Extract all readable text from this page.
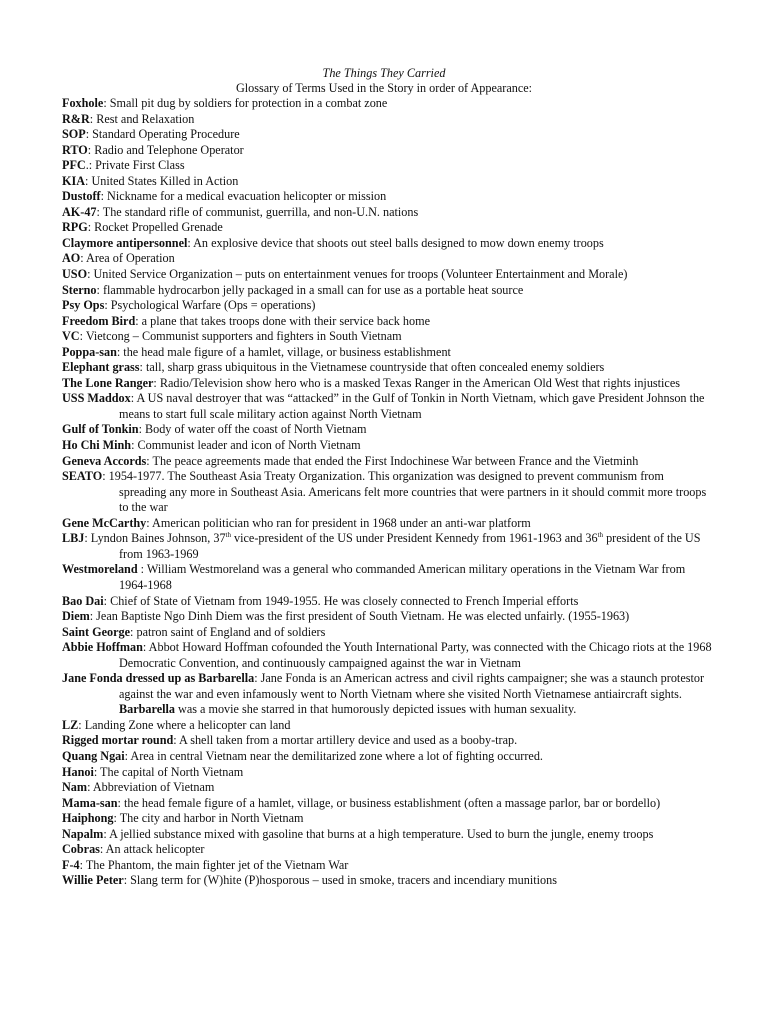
The Things They Carried
Glossary of Terms Used in the Story in order of Appearance:
Foxhole: Small pit dug by soldiers for protection in a combat zone
R&R: Rest and Relaxation
SOP: Standard Operating Procedure
RTO: Radio and Telephone Operator
PFC.: Private First Class
KIA: United States Killed in Action
Dustoff: Nickname for a medical evacuation helicopter or mission
AK-47: The standard rifle of communist, guerrilla, and non-U.N. nations
RPG: Rocket Propelled Grenade
Claymore antipersonnel: An explosive device that shoots out steel balls designed to mow down enemy troops
AO: Area of Operation
USO: United Service Organization – puts on entertainment venues for troops (Volunteer Entertainment and Morale)
Sterno: flammable hydrocarbon jelly packaged in a small can for use as a portable heat source
Psy Ops: Psychological Warfare (Ops = operations)
Freedom Bird: a plane that takes troops done with their service back home
VC: Vietcong – Communist supporters and fighters in South Vietnam
Poppa-san: the head male figure of a hamlet, village, or business establishment
Elephant grass: tall, sharp grass ubiquitous in the Vietnamese countryside that often concealed enemy soldiers
The Lone Ranger: Radio/Television show hero who is a masked Texas Ranger in the American Old West that rights injustices
USS Maddox: A US naval destroyer that was “attacked” in the Gulf of Tonkin in North Vietnam, which gave President Johnson the means to start full scale military action against North Vietnam
Gulf of Tonkin: Body of water off the coast of North Vietnam
Ho Chi Minh: Communist leader and icon of North Vietnam
Geneva Accords: The peace agreements made that ended the First Indochinese War between France and the Vietminh
SEATO: 1954-1977. The Southeast Asia Treaty Organization. This organization was designed to prevent communism from spreading any more in Southeast Asia. Americans felt more countries that were partners in it should commit more troops to the war
Gene McCarthy: American politician who ran for president in 1968 under an anti-war platform
LBJ: Lyndon Baines Johnson, 37th vice-president of the US under President Kennedy from 1961-1963 and 36th president of the US from 1963-1969
Westmoreland : William Westmoreland was a general who commanded American military operations in the Vietnam War from 1964-1968
Bao Dai: Chief of State of Vietnam from 1949-1955. He was closely connected to French Imperial efforts
Diem: Jean Baptiste Ngo Dinh Diem was the first president of South Vietnam. He was elected unfairly. (1955-1963)
Saint George: patron saint of England and of soldiers
Abbie Hoffman: Abbot Howard Hoffman cofounded the Youth International Party, was connected with the Chicago riots at the 1968 Democratic Convention, and continuously campaigned against the war in Vietnam
Jane Fonda dressed up as Barbarella: Jane Fonda is an American actress and civil rights campaigner; she was a staunch protestor against the war and even infamously went to North Vietnam where she visited North Vietnamese antiaircraft sights. Barbarella was a movie she starred in that humorously depicted issues with human sexuality.
LZ: Landing Zone where a helicopter can land
Rigged mortar round: A shell taken from a mortar artillery device and used as a booby-trap.
Quang Ngai: Area in central Vietnam near the demilitarized zone where a lot of fighting occurred.
Hanoi: The capital of North Vietnam
Nam: Abbreviation of Vietnam
Mama-san: the head female figure of a hamlet, village, or business establishment (often a massage parlor, bar or bordello)
Haiphong: The city and harbor in North Vietnam
Napalm: A jellied substance mixed with gasoline that burns at a high temperature. Used to burn the jungle, enemy troops
Cobras: An attack helicopter
F-4: The Phantom, the main fighter jet of the Vietnam War
Willie Peter: Slang term for (W)hite (P)hosporous – used in smoke, tracers and incendiary munitions
